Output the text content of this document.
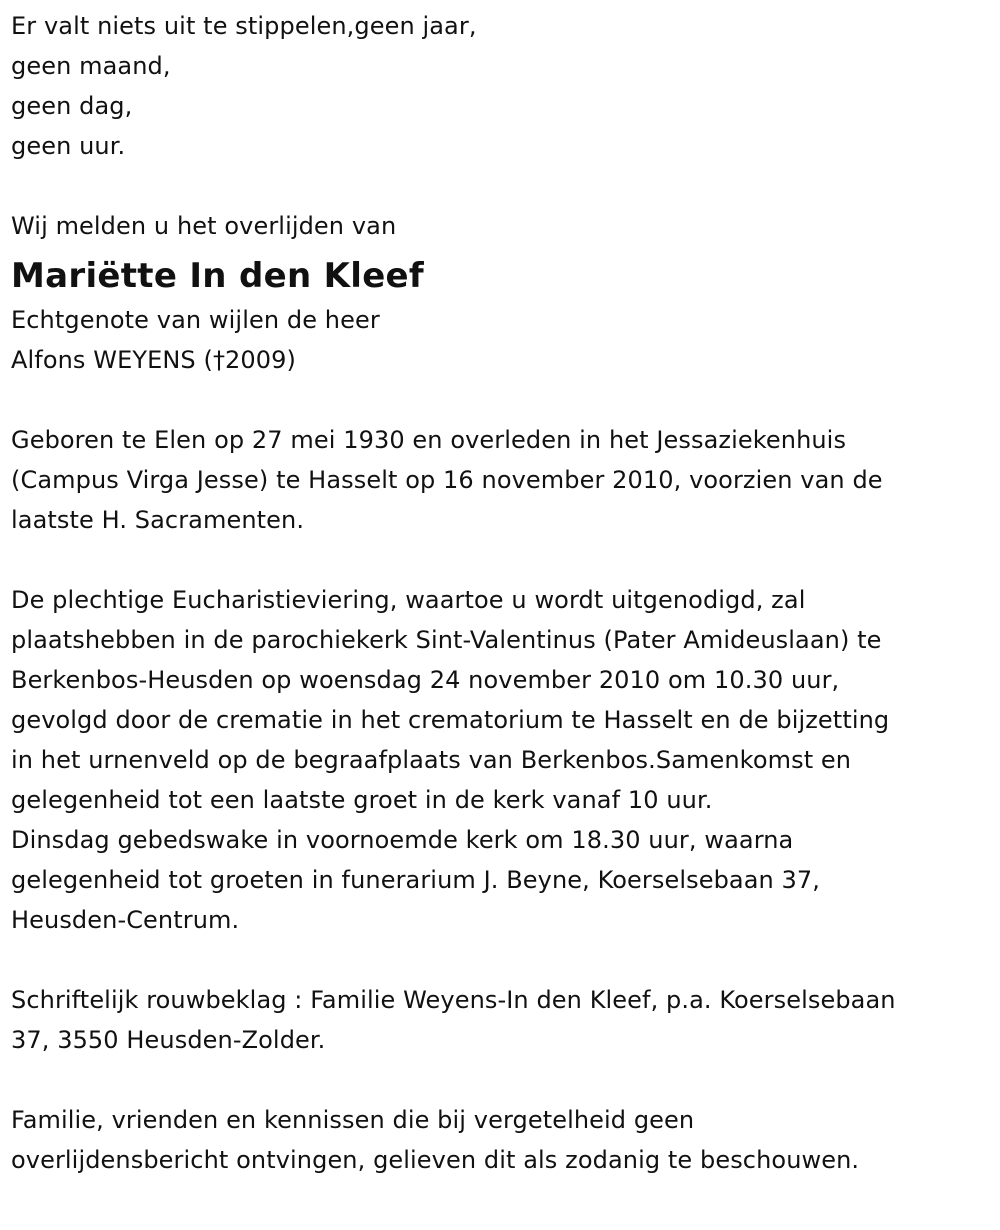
Er valt niets uit te stippelen,geen jaar,
geen maand,
geen dag,
geen uur.
Wij melden u het overlijden van
Mariëtte In den Kleef
Echtgenote van wijlen de heer
Alfons WEYENS (†2009)
Geboren te Elen op 27 mei 1930 en overleden in het Jessaziekenhuis
(Campus Virga Jesse) te Hasselt op 16 november 2010, voorzien van de
laatste H. Sacramenten.
De plechtige Eucharistieviering, waartoe u wordt uitgenodigd, zal
plaatshebben in de parochiekerk Sint-Valentinus (Pater Amideuslaan) te
Berkenbos-Heusden op woensdag 24 november 2010 om 10.30 uur,
gevolgd door de crematie in het crematorium te Hasselt en de bijzetting
in het urnenveld op de begraafplaats van Berkenbos.Samenkomst en
gelegenheid tot een laatste groet in de kerk vanaf 10 uur.
Dinsdag gebedswake in voornoemde kerk om 18.30 uur, waarna
gelegenheid tot groeten in funerarium J. Beyne, Koerselsebaan 37,
Heusden-Centrum.
Schriftelijk rouwbeklag : Familie Weyens-In den Kleef, p.a. Koerselsebaan
37, 3550 Heusden-Zolder.
Familie, vrienden en kennissen die bij vergetelheid geen
overlijdensbericht ontvingen, gelieven dit als zodanig te beschouwen.
